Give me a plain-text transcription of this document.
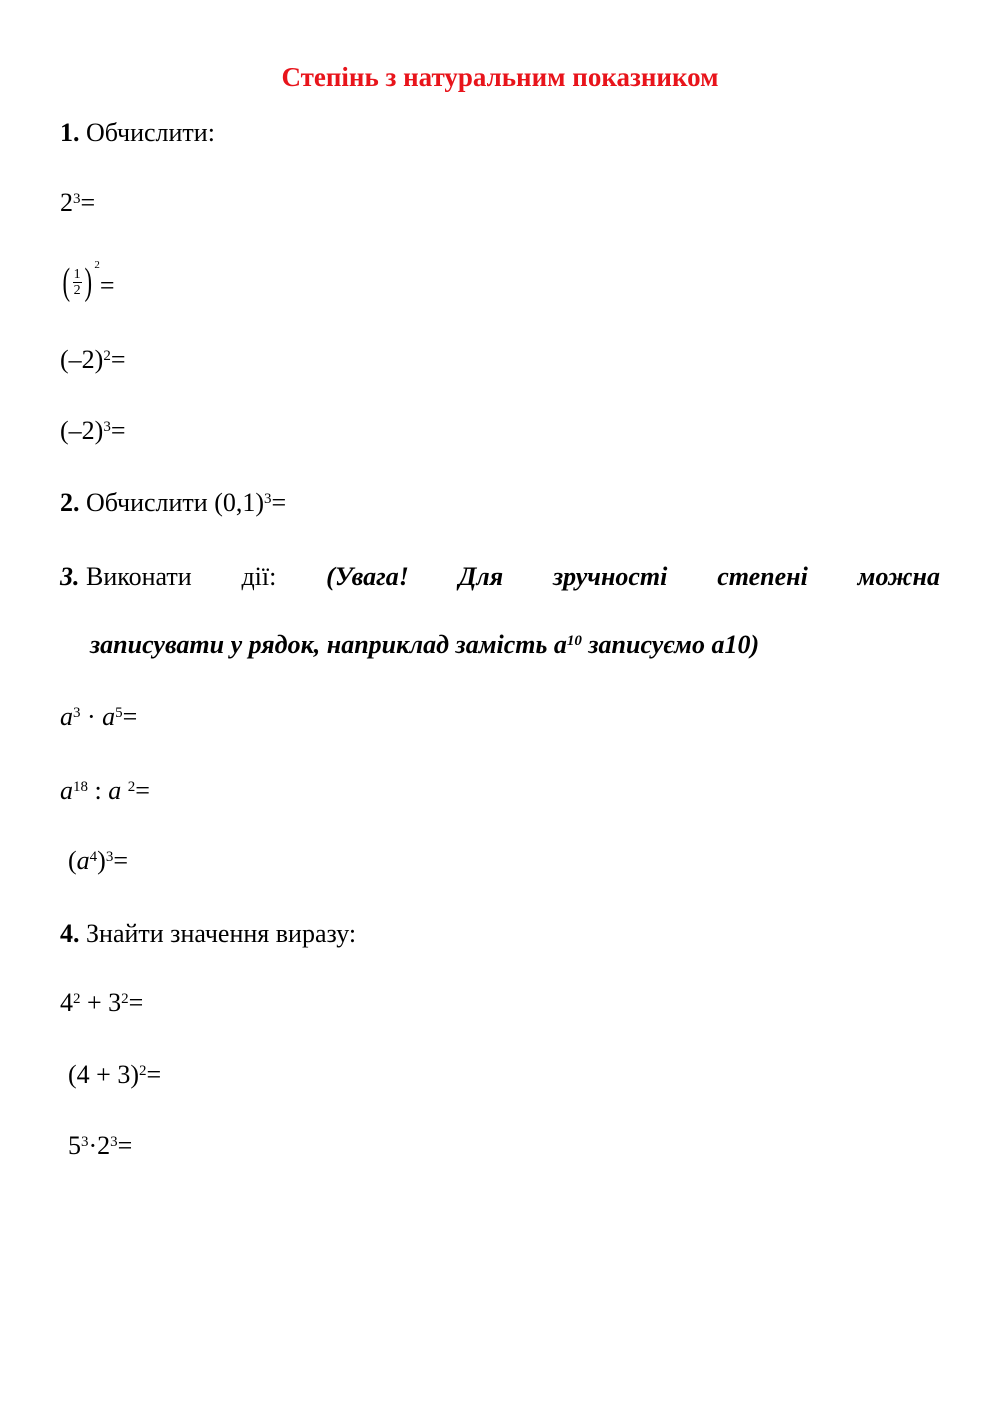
Степінь з натуральним показником
1. Обчислити:
$2^3=$
( 1
2 ) $^2$=
$(-2)^2=$
$(-2)^3=$
2. Обчислити $(0,1)^3=$
3. Виконати дії: (Увага! Для зручності степені можна
записувати у рядок, наприклад замість $a^{10}$ записуємо a10)
$a^3 \cdot a^5=$
$a^{18}$ : a $^2$=
$(a^4)^3=$
4. Знайти значення виразу:
$4^2 + 3^2=$
$(4 + 3)^2=$
$5^3\cdot 2^3=$
